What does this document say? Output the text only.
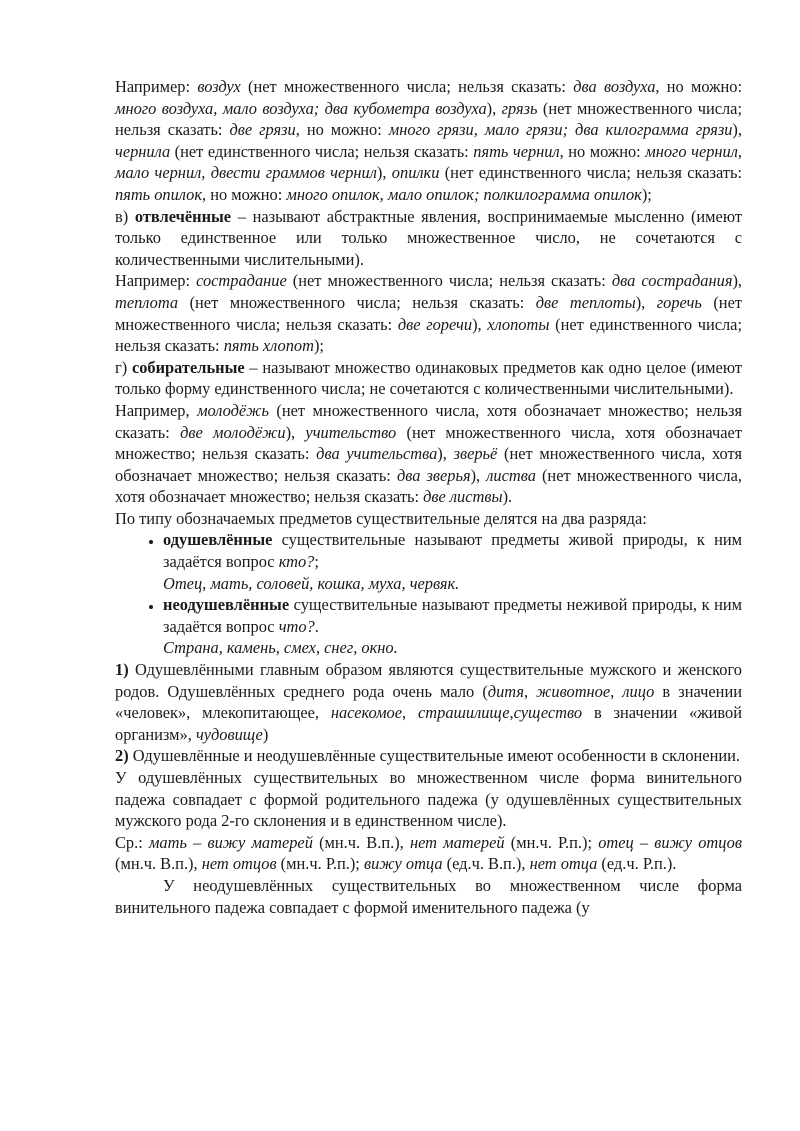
Например: воздух (нет множественного числа; нельзя сказать: два воздуха, но можно: много воздуха, мало воздуха; два кубометра воздуха), грязь (нет множественного числа; нельзя сказать: две грязи, но можно: много грязи, мало грязи; два килограмма грязи), чернила (нет единственного числа; нельзя сказать: пять чернил, но можно: много чернил, мало чернил, двести граммов чернил), опилки (нет единственного числа; нельзя сказать: пять опилок, но можно: много опилок, мало опилок; полкилограмма опилок);

в) отвлечённые – называют абстрактные явления, воспринимаемые мысленно (имеют только единственное или только множественное число, не сочетаются с количественными числительными).

Например: сострадание (нет множественного числа; нельзя сказать: два сострадания), теплота (нет множественного числа; нельзя сказать: две теплоты), горечь (нет множественного числа; нельзя сказать: две горечи), хлопоты (нет единственного числа; нельзя сказать: пять хлопот);

г) собирательные – называют множество одинаковых предметов как одно целое (имеют только форму единственного числа; не сочетаются с количественными числительными).

Например, молодёжь (нет множественного числа, хотя обозначает множество; нельзя сказать: две молодёжи), учительство (нет множественного числа, хотя обозначает множество; нельзя сказать: два учительства), зверьё (нет множественного числа, хотя обозначает множество; нельзя сказать: два зверья), листва (нет множественного числа, хотя обозначает множество; нельзя сказать: две листвы).

По типу обозначаемых предметов существительные делятся на два разряда:

• одушевлённые существительные называют предметы живой природы, к ним задаётся вопрос кто?;

Отец, мать, соловей, кошка, муха, червяк.

• неодушевлённые существительные называют предметы неживой природы, к ним задаётся вопрос что?.

Страна, камень, смех, снег, окно.

1) Одушевлёнными главным образом являются существительные мужского и женского родов. Одушевлённых среднего рода очень мало (дитя, животное, лицо в значении «человек», млекопитающее, насекомое, страшилище,существо в значении «живой организм», чудовище)

2) Одушевлённые и неодушевлённые существительные имеют особенности в склонении.

У одушевлённых существительных во множественном числе форма винительного падежа совпадает с формой родительного падежа (у одушевлённых существительных мужского рода 2-го склонения и в единственном числе).

Ср.: мать – вижу матерей (мн.ч. В.п.), нет матерей (мн.ч. Р.п.); отец – вижу отцов (мн.ч. В.п.), нет отцов (мн.ч. Р.п.); вижу отца (ед.ч. В.п.), нет отца (ед.ч. Р.п.).

У неодушевлённых существительных во множественном числе форма винительного падежа совпадает с формой именительного падежа (у
